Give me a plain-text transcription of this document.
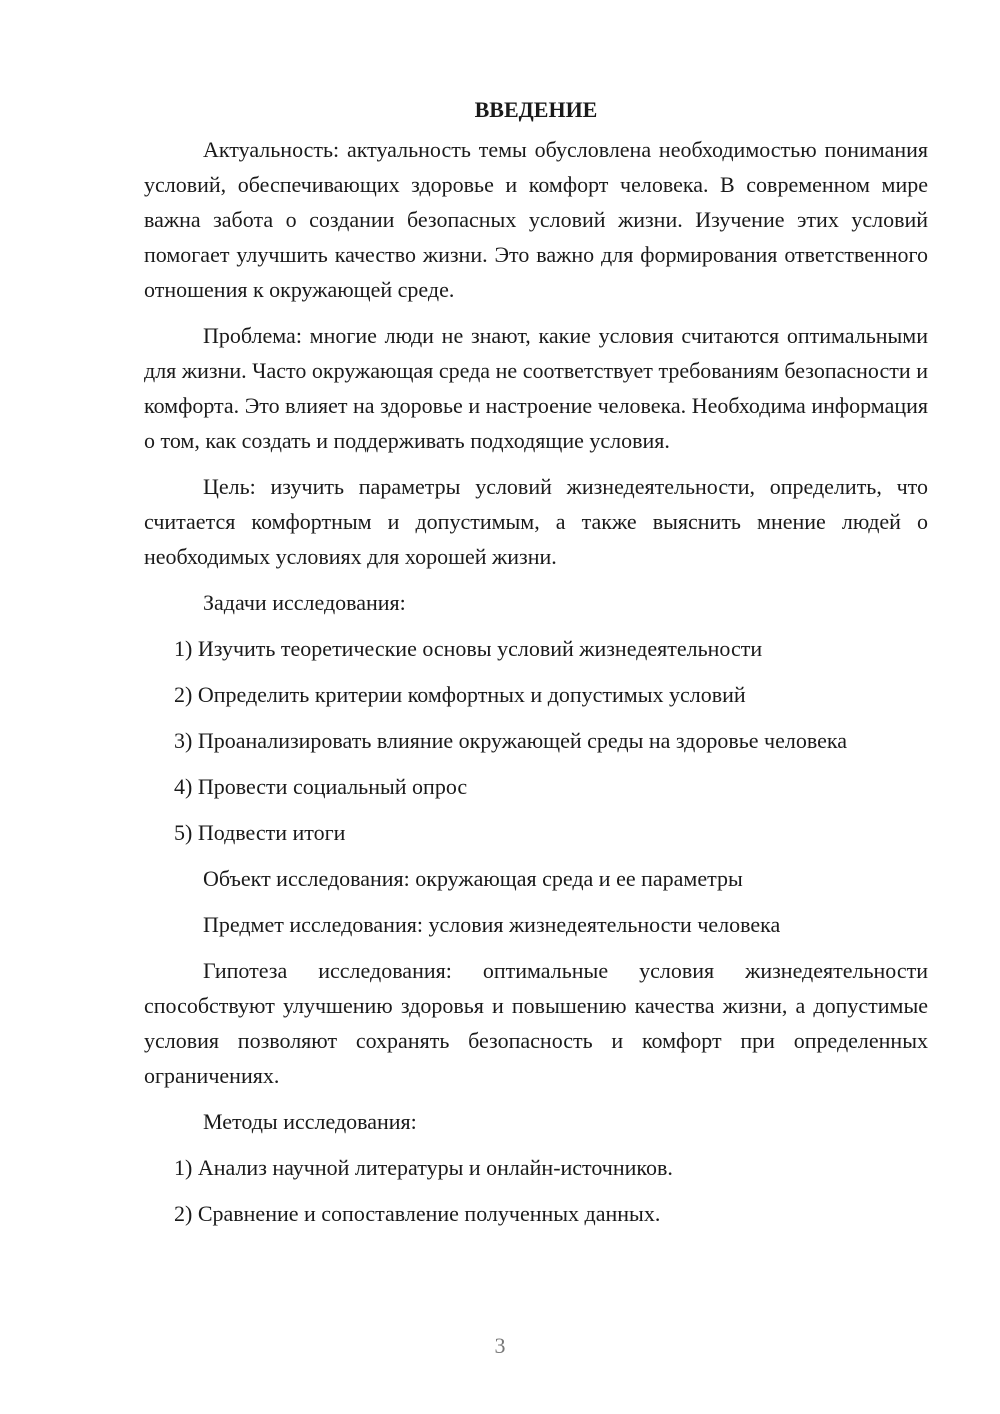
ВВЕДЕНИЕ

Актуальность: актуальность темы обусловлена необходимостью понимания условий, обеспечивающих здоровье и комфорт человека. В современном мире важна забота о создании безопасных условий жизни. Изучение этих условий помогает улучшить качество жизни. Это важно для формирования ответственного отношения к окружающей среде.

Проблема: многие люди не знают, какие условия считаются оптимальными для жизни. Часто окружающая среда не соответствует требованиям безопасности и комфорта. Это влияет на здоровье и настроение человека. Необходима информация о том, как создать и поддерживать подходящие условия.

Цель: изучить параметры условий жизнедеятельности, определить, что считается комфортным и допустимым, а также выяснить мнение людей о необходимых условиях для хорошей жизни.

Задачи исследования:

1) Изучить теоретические основы условий жизнедеятельности

2) Определить критерии комфортных и допустимых условий

3) Проанализировать влияние окружающей среды на здоровье человека

4) Провести социальный опрос

5) Подвести итоги

Объект исследования: окружающая среда и ее параметры

Предмет исследования: условия жизнедеятельности человека

Гипотеза исследования: оптимальные условия жизнедеятельности способствуют улучшению здоровья и повышению качества жизни, а допустимые условия позволяют сохранять безопасность и комфорт при определенных ограничениях.

Методы исследования:

1) Анализ научной литературы и онлайн-источников.

2) Сравнение и сопоставление полученных данных.

3
